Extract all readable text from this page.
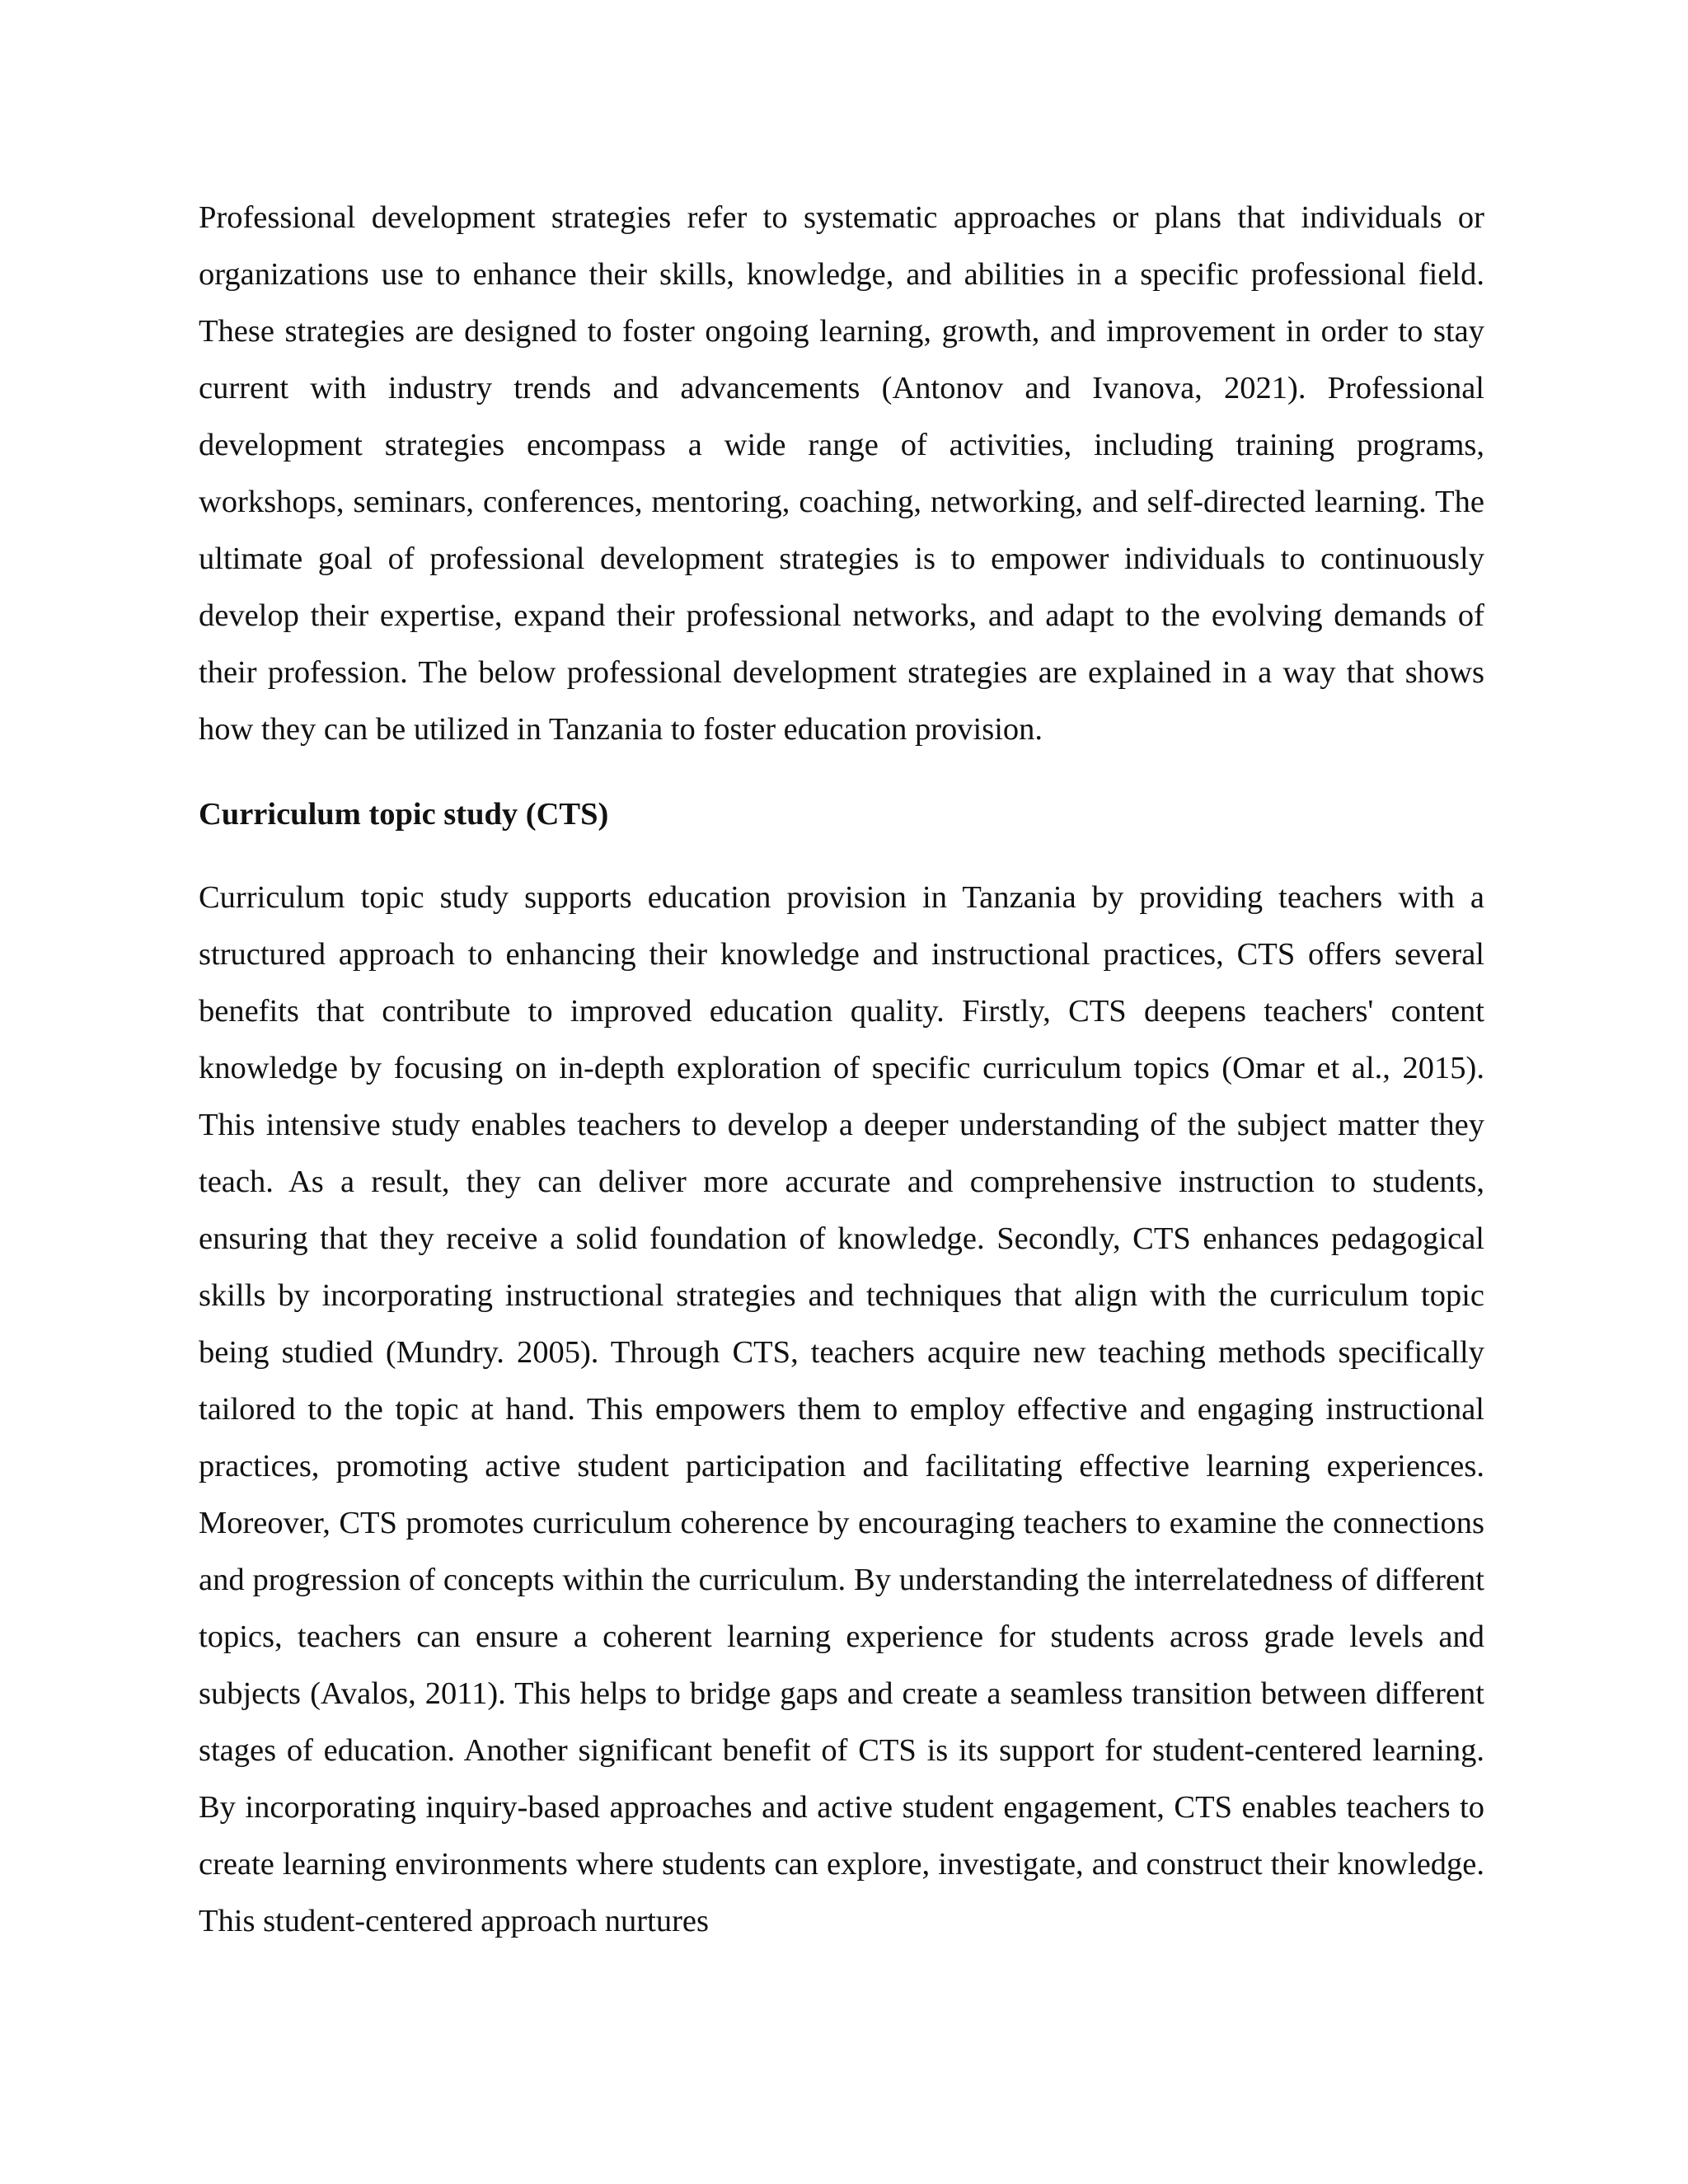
Professional development strategies refer to systematic approaches or plans that individuals or organizations use to enhance their skills, knowledge, and abilities in a specific professional field. These strategies are designed to foster ongoing learning, growth, and improvement in order to stay current with industry trends and advancements (Antonov and Ivanova, 2021). Professional development strategies encompass a wide range of activities, including training programs, workshops, seminars, conferences, mentoring, coaching, networking, and self-directed learning. The ultimate goal of professional development strategies is to empower individuals to continuously develop their expertise, expand their professional networks, and adapt to the evolving demands of their profession. The below professional development strategies are explained in a way that shows how they can be utilized in Tanzania to foster education provision.

Curriculum topic study (CTS)

Curriculum topic study supports education provision in Tanzania by providing teachers with a structured approach to enhancing their knowledge and instructional practices, CTS offers several benefits that contribute to improved education quality. Firstly, CTS deepens teachers' content knowledge by focusing on in-depth exploration of specific curriculum topics (Omar et al., 2015). This intensive study enables teachers to develop a deeper understanding of the subject matter they teach. As a result, they can deliver more accurate and comprehensive instruction to students, ensuring that they receive a solid foundation of knowledge. Secondly, CTS enhances pedagogical skills by incorporating instructional strategies and techniques that align with the curriculum topic being studied (Mundry. 2005). Through CTS, teachers acquire new teaching methods specifically tailored to the topic at hand. This empowers them to employ effective and engaging instructional practices, promoting active student participation and facilitating effective learning experiences. Moreover, CTS promotes curriculum coherence by encouraging teachers to examine the connections and progression of concepts within the curriculum. By understanding the interrelatedness of different topics, teachers can ensure a coherent learning experience for students across grade levels and subjects (Avalos, 2011). This helps to bridge gaps and create a seamless transition between different stages of education. Another significant benefit of CTS is its support for student-centered learning. By incorporating inquiry-based approaches and active student engagement, CTS enables teachers to create learning environments where students can explore, investigate, and construct their knowledge. This student-centered approach nurtures
